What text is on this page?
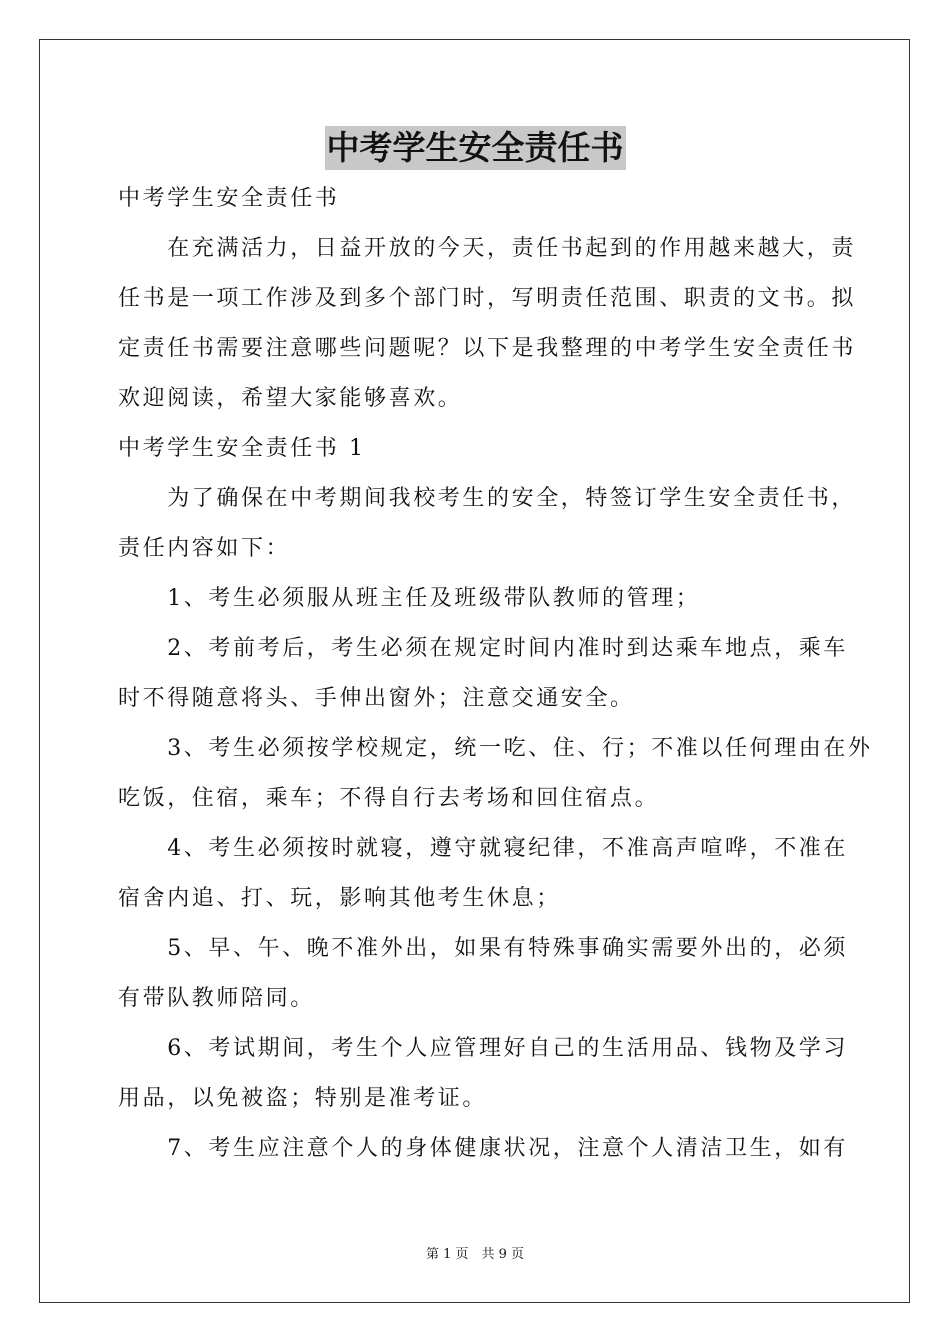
中考学生安全责任书
中考学生安全责任书
　　在充满活力，日益开放的今天，责任书起到的作用越来越大，责
任书是一项工作涉及到多个部门时，写明责任范围、职责的文书。拟
定责任书需要注意哪些问题呢？以下是我整理的中考学生安全责任书
欢迎阅读，希望大家能够喜欢。
中考学生安全责任书 1
　　为了确保在中考期间我校考生的安全，特签订学生安全责任书，
责任内容如下：
　　1、考生必须服从班主任及班级带队教师的管理；
　　2、考前考后，考生必须在规定时间内准时到达乘车地点，乘车
时不得随意将头、手伸出窗外；注意交通安全。
　　3、考生必须按学校规定，统一吃、住、行；不准以任何理由在外
吃饭，住宿，乘车；不得自行去考场和回住宿点。
　　4、考生必须按时就寝，遵守就寝纪律，不准高声喧哗，不准在
宿舍内追、打、玩，影响其他考生休息；
　　5、早、午、晚不准外出，如果有特殊事确实需要外出的，必须
有带队教师陪同。
　　6、考试期间，考生个人应管理好自己的生活用品、钱物及学习
用品，以免被盗；特别是准考证。
　　7、考生应注意个人的身体健康状况，注意个人清洁卫生，如有
第 1 页　共 9 页
